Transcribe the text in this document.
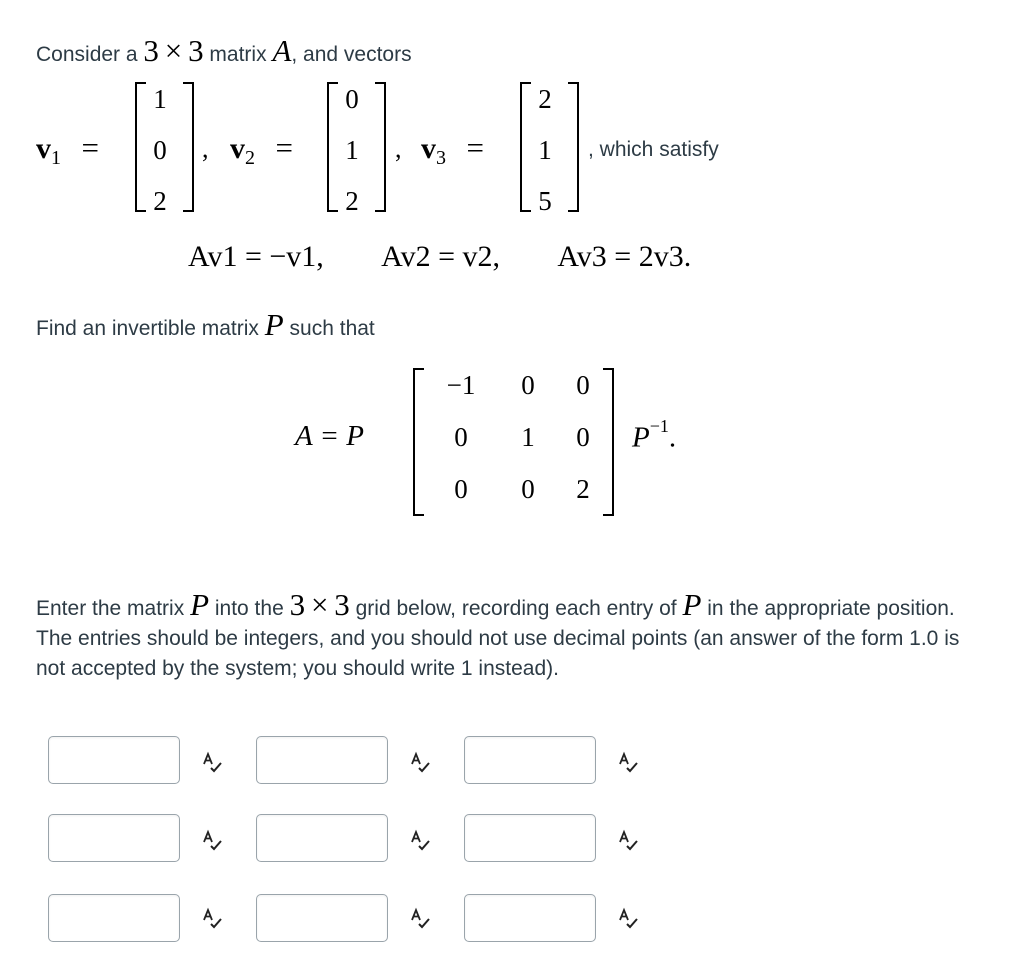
Consider a 3 × 3 matrix A, and vectors
$v_1$ =
1
0
2
, $v_2$ =
0
1
2
, $v_3$ =
2
1
5
, which satisfy
Av1 = −v1, Av2 = v2, Av3 = 2v3.
Find an invertible matrix P such that
A = P
−1	0	0
0	1	0
0	0	2
$P^{-1}$.
Enter the matrix P into the 3 × 3 grid below, recording each entry of P in the appropriate position. The entries should be integers, and you should not use decimal points (an answer of the form 1.0 is not accepted by the system; you should write 1 instead).
